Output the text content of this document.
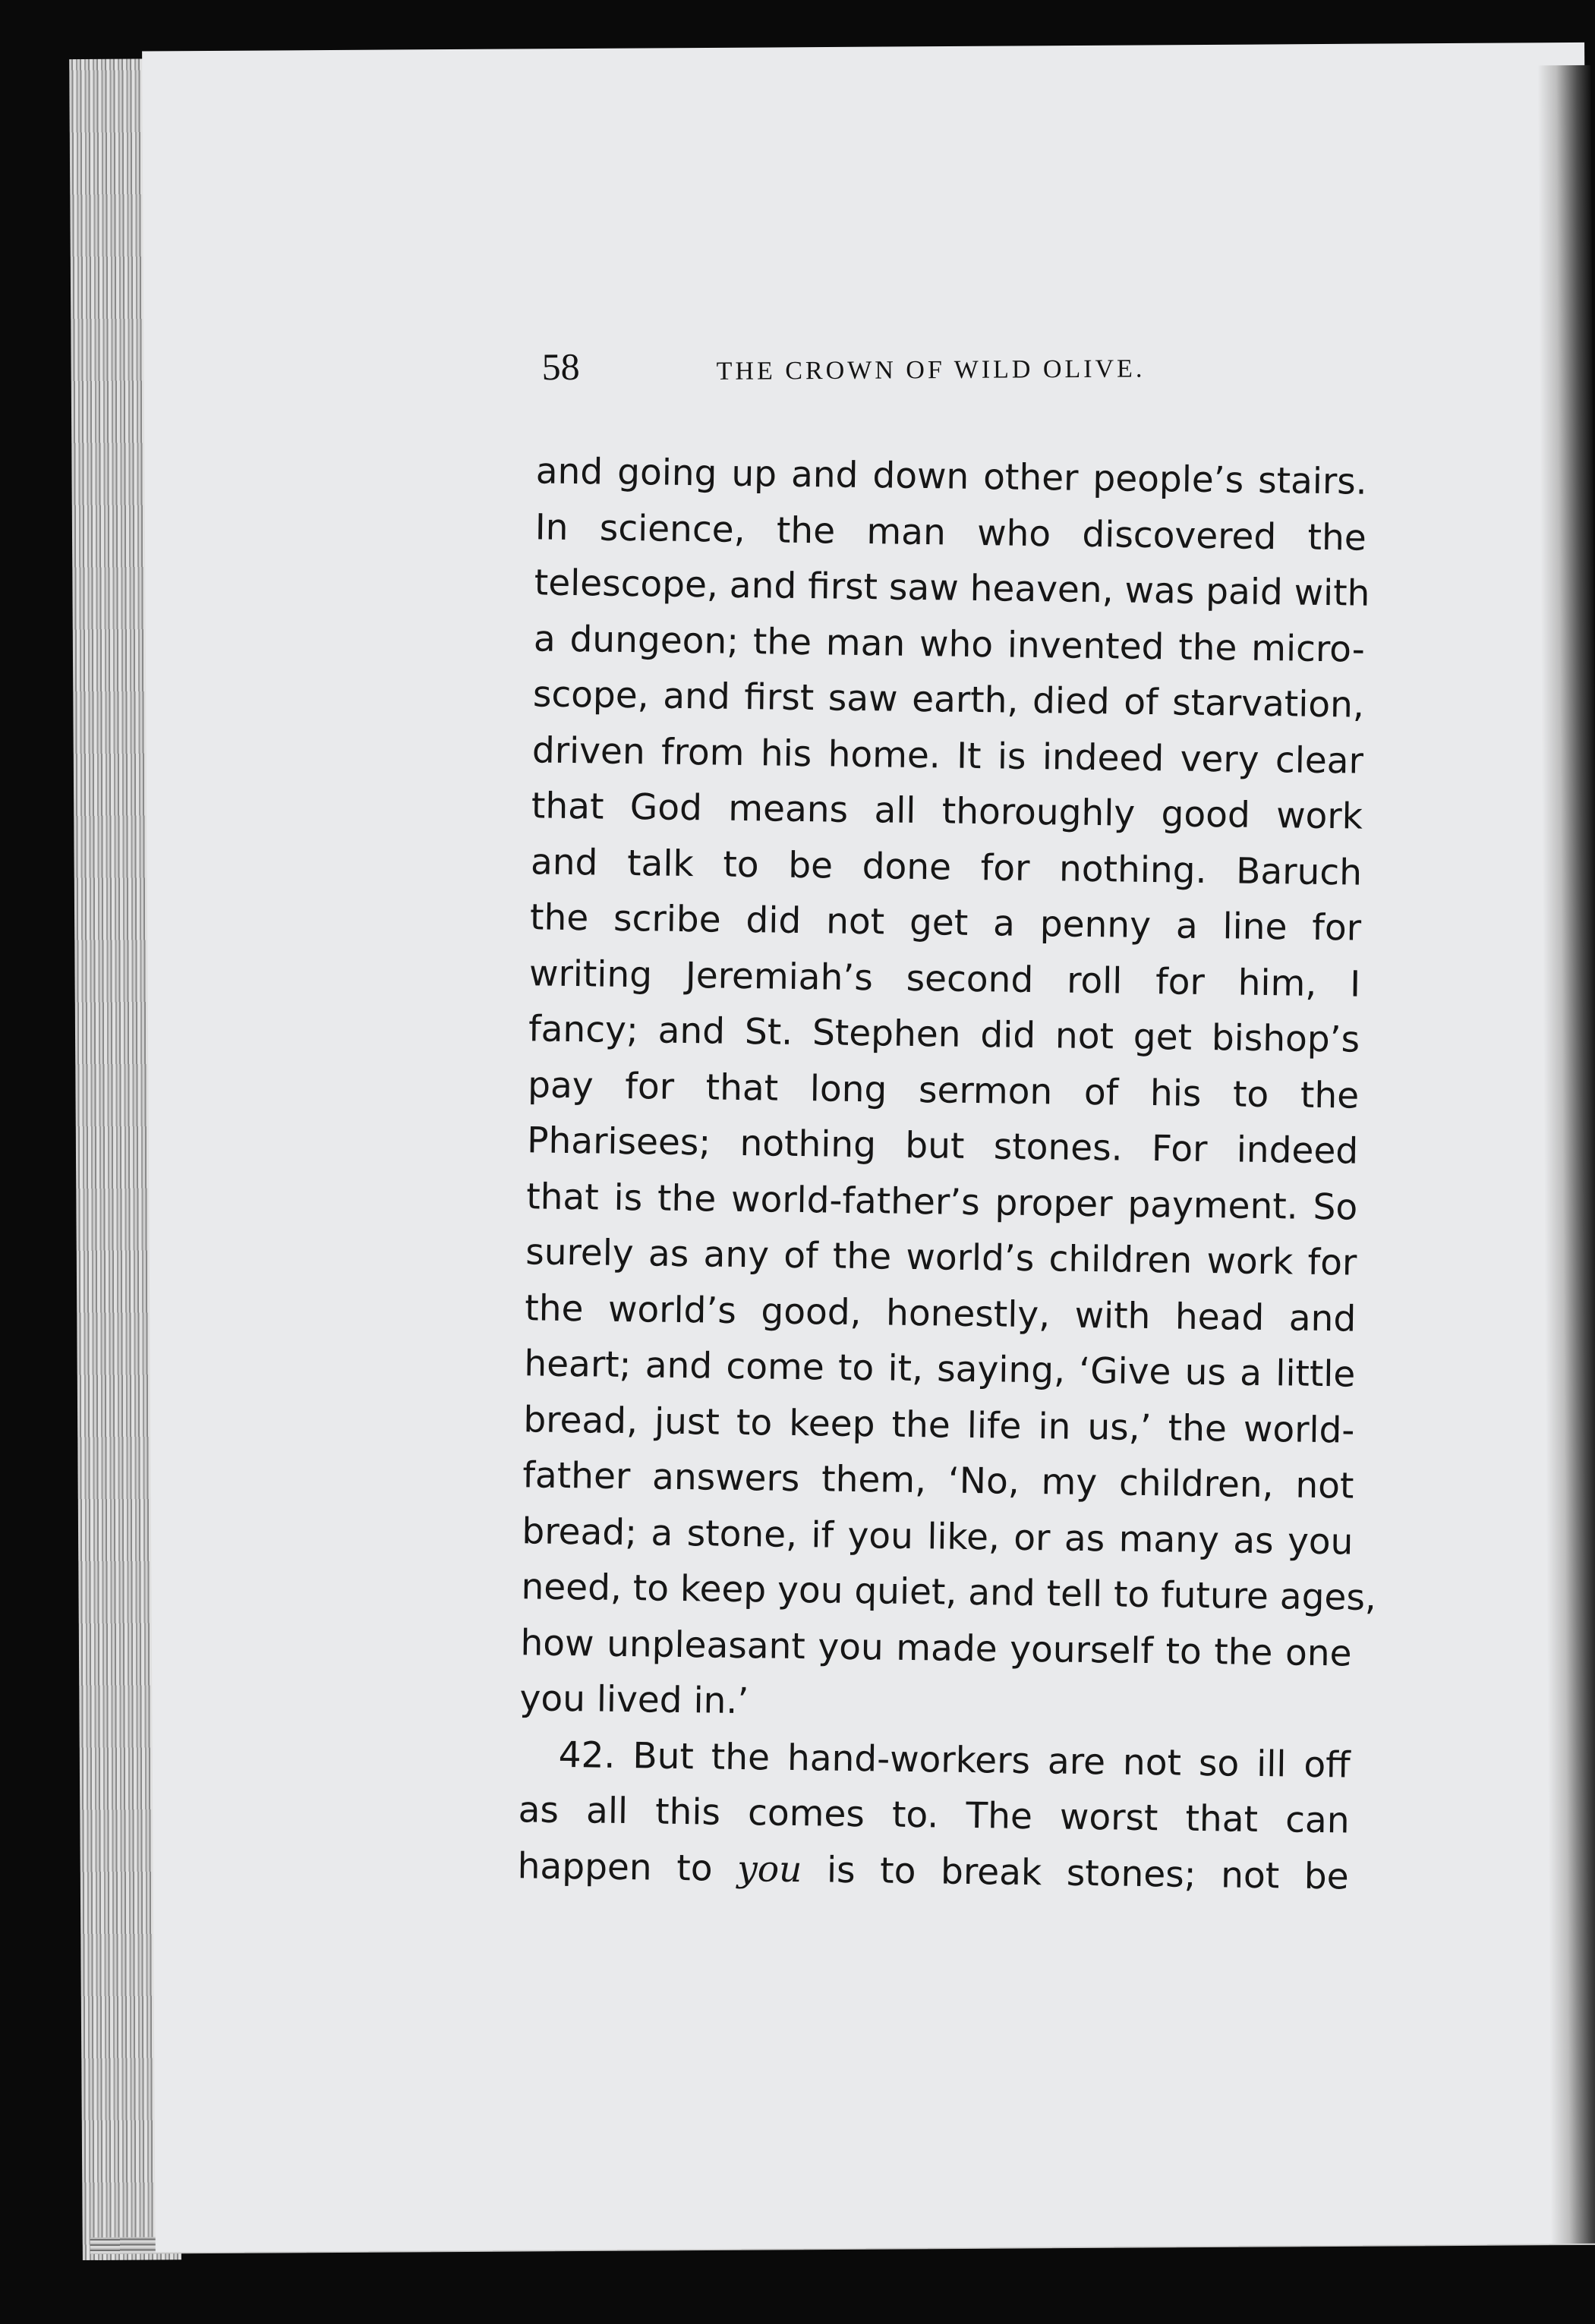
58	THE CROWN OF WILD OLIVE.
and going up and down other people’s stairs.
In science, the man who discovered the
telescope, and first saw heaven, was paid with
a dungeon; the man who invented the micro-
scope, and first saw earth, died of starvation,
driven from his home. It is indeed very clear
that God means all thoroughly good work
and talk to be done for nothing. Baruch
the scribe did not get a penny a line for
writing Jeremiah’s second roll for him, I
fancy; and St. Stephen did not get bishop’s
pay for that long sermon of his to the
Pharisees; nothing but stones. For indeed
that is the world-father’s proper payment. So
surely as any of the world’s children work for
the world’s good, honestly, with head and
heart; and come to it, saying, ‘Give us a little
bread, just to keep the life in us,’ the world-
father answers them, ‘No, my children, not
bread; a stone, if you like, or as many as you
need, to keep you quiet, and tell to future ages,
how unpleasant you made yourself to the one
you lived in.’
42. But the hand-workers are not so ill off
as all this comes to. The worst that can
happen to you is to break stones; not be
